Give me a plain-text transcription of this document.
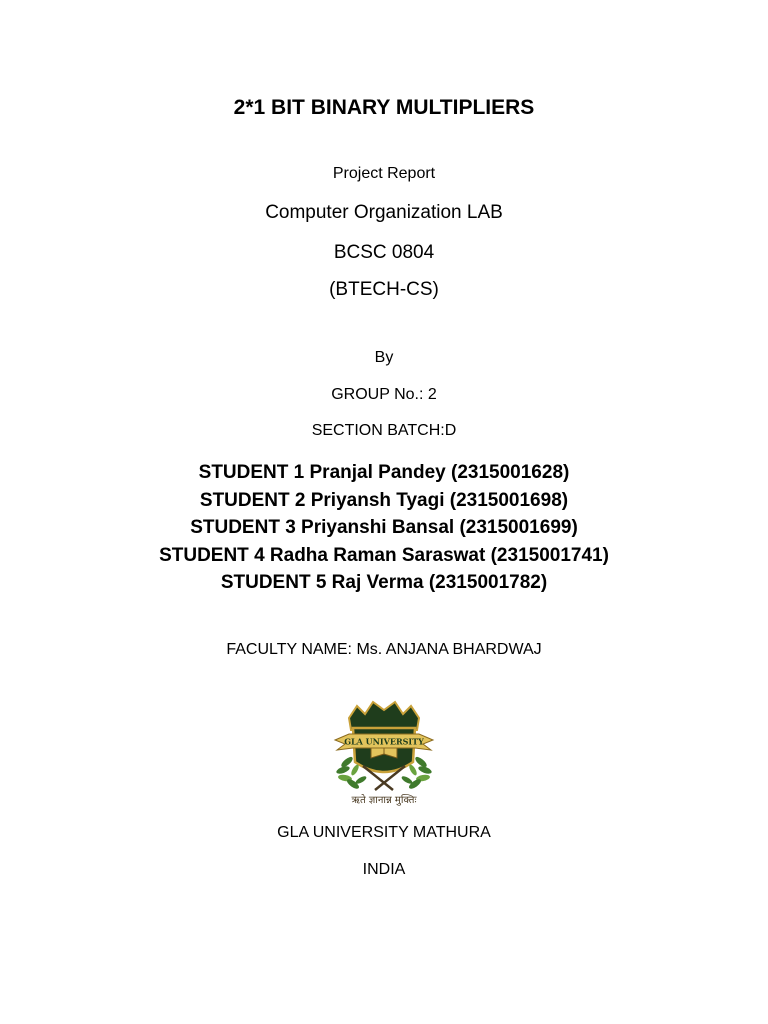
2*1 BIT BINARY MULTIPLIERS
Project Report
Computer Organization LAB
BCSC 0804
(BTECH-CS)
By
GROUP No.: 2
SECTION BATCH:D
STUDENT 1 Pranjal Pandey (2315001628)
STUDENT 2 Priyansh Tyagi (2315001698)
STUDENT 3 Priyanshi Bansal (2315001699)
STUDENT 4 Radha Raman Saraswat (2315001741)
STUDENT 5 Raj Verma (2315001782)
FACULTY NAME: Ms. ANJANA BHARDWAJ
GLA UNIVERSITY
ऋते ज्ञानान्न मुक्तिः
GLA UNIVERSITY MATHURA
INDIA
